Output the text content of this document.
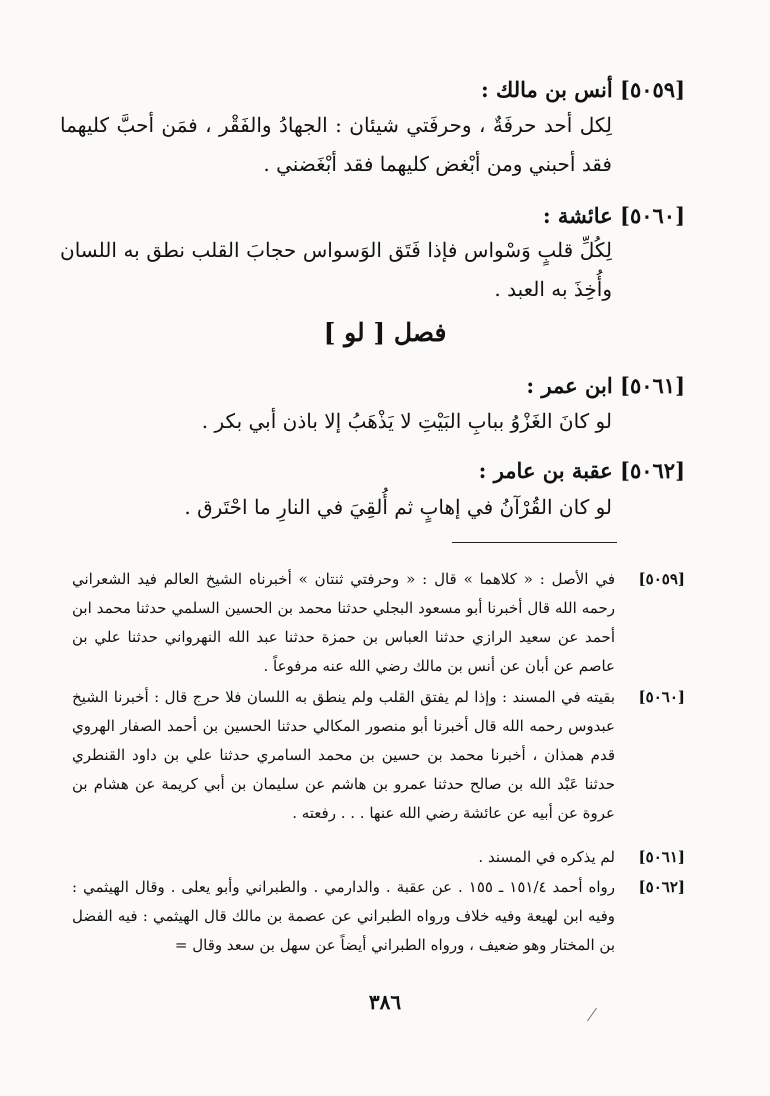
[٥٠٥٩] أنس بن مالك :
لِكل أحد حرفَةٌ ، وحرفَتي شيئان : الجهادُ والفَقْر ، فمَن أحبَّ كليهما فقد أحبني ومن أبْغض كليهما فقد أبْغَضني .
[٥٠٦٠] عائشة :
لِكُلِّ قلبٍ وَسْواس فإذا فَتَق الوَسواس حجابَ القلب نطق به اللسان وأُخِذَ به العبد .
فصل [ لو ]
[٥٠٦١] ابن عمر :
لو كانَ الغَزْوُ ببابِ البَيْتِ لا يَذْهَبُ إلا باذن أبي بكر .
[٥٠٦٢] عقبة بن عامر :
لو كان القُرْآنُ في إهابٍ ثم أُلقِيَ في النارِ ما احْتَرق .
[٥٠٥٩]
في الأصل : « كلاهما » قال : « وحرفتي ثنتان » أخبرناه الشيخ العالم فيد الشعراني رحمه الله قال أخبرنا أبو مسعود البجلي حدثنا محمد بن الحسين السلمي حدثنا محمد ابن أحمد عن سعيد الرازي حدثنا العباس بن حمزة حدثنا عبد الله النهرواني حدثنا علي بن عاصم عن أبان عن أنس بن مالك رضي الله عنه مرفوعاً .
[٥٠٦٠]
بقيته في المسند : وإذا لم يفتق القلب ولم ينطق به اللسان فلا حرج قال : أخبرنا الشيخ عبدوس رحمه الله قال أخبرنا أبو منصور المكالي حدثنا الحسين بن أحمد الصفار الهروي قدم همذان ، أخبرنا محمد بن حسين بن محمد السامري حدثنا علي بن داود القنطري حدثنا عَبْد الله بن صالح حدثنا عمرو بن هاشم عن سليمان بن أبي كريمة عن هشام بن عروة عن أبيه عن عائشة رضي الله عنها . . . رفعته .
[٥٠٦١]
لم يذكره في المسند .
[٥٠٦٢]
رواه أحمد ١٥١/٤ ـ ١٥٥ . عن عقبة . والدارمي . والطبراني وأبو يعلى . وقال الهيثمي : وفيه ابن لهيعة وفيه خلاف ورواه الطبراني عن عصمة بن مالك قال الهيثمي : فيه الفضل بن المختار وهو ضعيف ، ورواه الطبراني أيضاً عن سهل بن سعد وقال =
٣٨٦
